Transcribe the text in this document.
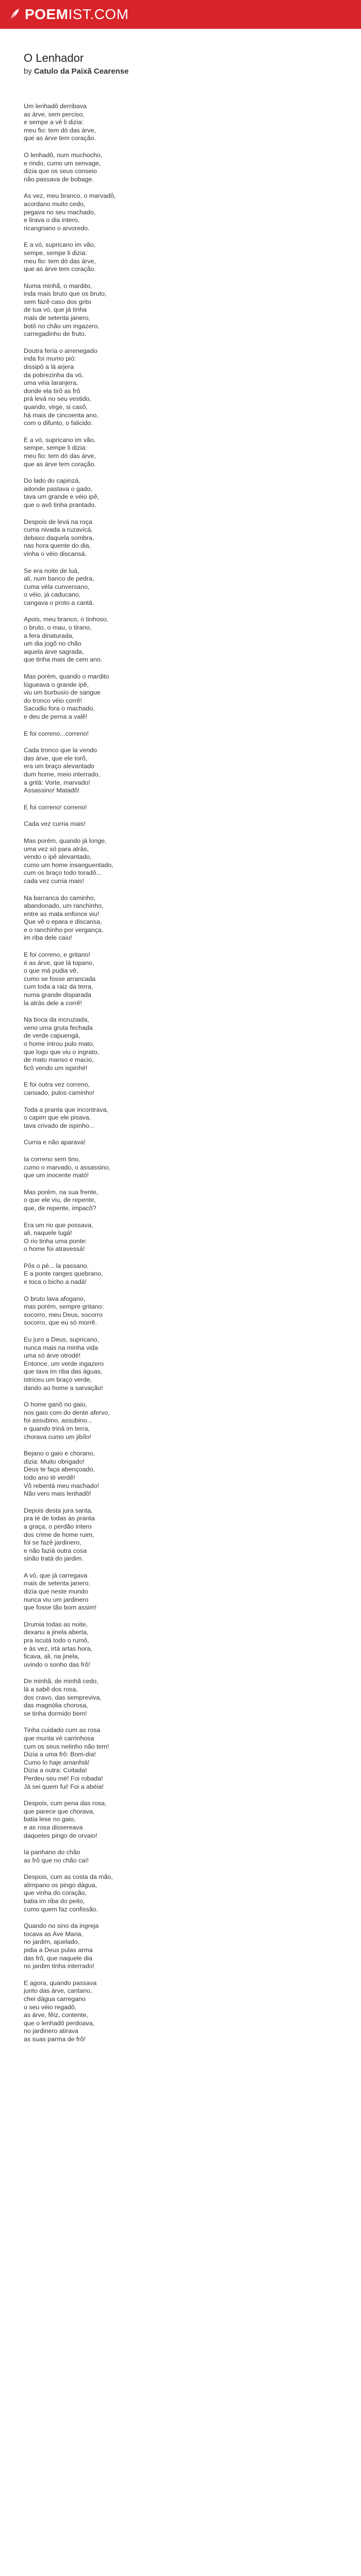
POEMIST.COM
O Lenhador
by Catulo da Paixã Cearense

Um lenhadô derribava
as árve, sem perciso,
e sempe a vé li dizia:
meu fio: tem dó das árve,
que as árve tem coração.

O lenhadô, num muchocho,
e rindo, cumo um senvage,
dizia que os seus conseio
não passava de bobage.

As vez, meu branco, o marvadô,
acordano muito cedo,
pegava no seu machado,
e lirava o dia intero,
ricangriano o arvoredo.

E a vó, supricano im vão,
sempe, sempe li dizia:
meu fio: tem dó das árve,
que as árve tem coração.

Numa minhã, o mardito,
inda mais bruto que os bruto,
sem fazê caso dos grito
de tua vó, que já tinha
mais de setenta janero,
botô no chão um ingazero,
carregadinho de fruto.

Doutra fería o arrenegado
inda foi mumo pió:
dissipô a lá arjera
da pobrezinha da vó,
uma véia laranjera,
donde ela tirô as frô
prá levá no seu vestido,
quando, virge, si casô,
há mais de cincoenta ano,
com o difunto, o falicido.

E a vó, supricano im vão,
sempe, sempe li dizia:
meu fio: tem dó das árve,
que as árve tem coração.

Do lado do capinzá,
adonde pastava o gado,
tava um grande e véio ipê,
que o avô tinha prantado.

Despois de levá na roça
cuma nivada a ruzavicá,
debaxo daquela sombra,
nas hora quente do dia,
vinha o véio discansá.

Se era noite de luá,
ali, num banco de pedra,
cuma véla cunversano,
o véio, já caducano,
cangava o proto a cantá.

Apois, meu branco, o tinhoso,
o bruto, o mau, o tirano,
a fera dinaturada,
um dia jogô no chão
aquela árve sagrada,
que tinha mais de cem ano.

Mas porém, quando o mardito
lúgueava o grande ipê,
viu um burbusio de sangue
do tronco véio corrê!
Sacudiu fora o machado,
e deu de perna a valê!

E foi correno...correno!

Cada tronco que la vendo
das árve, que ele torô,
era um braço alevantado
dum home, meio interrado,
a gritá: Vorte, marvado!
Assassino! Matadô!

E foi correno! correno!

Cada vez curria mais!

Mas porém, quando já longe,
uma vez só para atrás,
vendo o ipê alevantado,
cumo um home insanguentado,
cum os braço todo toradô...
cada vez curria mais!

Na barranca do caminho,
abandonado, um ranchinho,
entre as mata enfonce viu!
Que vê o epara e discansa,
e o ranchinho por vergança,
im riba dele caiu!

E foi correno, e gritano!
é as árve, que lá topano,
o que má pudia vê,
cumo se fosse arrancada
cum toda a raiz da terra,
numa grande disparada
la atrás dele a corrê!

Na boca da incruziada,
veno uma gruta fechada
de verde capuengá,
o home introu pulo mato,
que logo que viu o ingrato,
de mato manso e macio,
ficô vendo um ispinhé!

E foi outra vez correno,
cansado, pulos caminho!

Toda a pranta que incontrava,
o capim que ele pisava,
tava crivado de ispinho...

Curria e não aparava!

Ia correno sem tino,
cumo o marvado, o assassino,
que um inocente mató!

Mas porém, na sua frente,
o que ele viu, de repente,
que, de repente, impacô?

Era um rio que possava,
ali, naquele lugá!
O rio tinha uma ponte:
o home foi atravessá!

Pôs o pé... la passano.
E a ponte ranges quebrano,
e toca o bicho a nadá!

O bruto lava afogano,
mas porém, sempre gritano:
socorro, meu Deus, socorro
socorro, que eu só morrê.

Eu juro a Deus, supricano,
nunca mais na minha vida
uma só árve otrodé!
Entonce, um verde ingazero
que tava im riba das águas,
istriceu um braço verde,
dando ao home a sarvação!

O home ganô no gaio,
nos gaio com do dente afervo,
foi assubino, assubino...
e quando triná im terra,
chorava cumo um jibílo!

Bejano o gaio e chorano,
dizia: Muito obrigado!
Deus te faça abençoado,
todo ano té verdê!
Vô rebentá meu machado!
Não vero mais lenhadô!

Depois desta jura santa,
pra té de todas as pranta
a graça, o perdão intero
dos crime de home ruim,
foi se fazê jardinero,
e não faziá outra cosa
sinão tratá do jardim.

A vó, que já carregava
mais de setenta janero,
dizia que neste mundo
nunca viu um jardinero
que fosse tão bom assim!

Drumia todas as noite,
dexanu a jinela aberta,
pra iscutá todo o rumô,
e às vez, irtá artas hora,
ficava, ali, na jinela,
uvindo o sonho das frô!

De minhã, de minhã cedo,
lá a sabê dos rosa,
dos cravo, das sempreviva,
das magnólia chorosa,
se tinha dormido bem!

Tinha cuidado cum as rosa
que munta vé carrinhosa
cum os seus netinho não tem!
Dizia a uma frô: Bom-dia!
Cumo lo haje amanhiá!
Dizia a outra: Coitada!
Perdeu seu mé! Foi robada!
Já sei quem fui! Foi a abéia!

Despois, cum pena das rosa,
que parece que chorava,
batia lese no gaio,
e as rosa dissereava
daquetes pingo de orvaio!

Ia panhano do chão
as frô que no chão caí!

Despois, cum as costa da mão,
alimpano os pingo dágua,
que vinha do coração,
batia im riba do peito,
cumo quem faz confissão.

Quando no sino da ingreja
tocava as Ave Maria,
no jardim, ajuelado,
pidia a Deus pulas arma
das frô, que naquele dia
no jardim tinha interrado!

E agora, quando passava
junto das árve, cantano,
chei dágua carregano
o seu véio regadô,
as árve, fêiz, contente,
que o lenhadô perdoava,
no jardinero atirava
as suas parma de frô!
